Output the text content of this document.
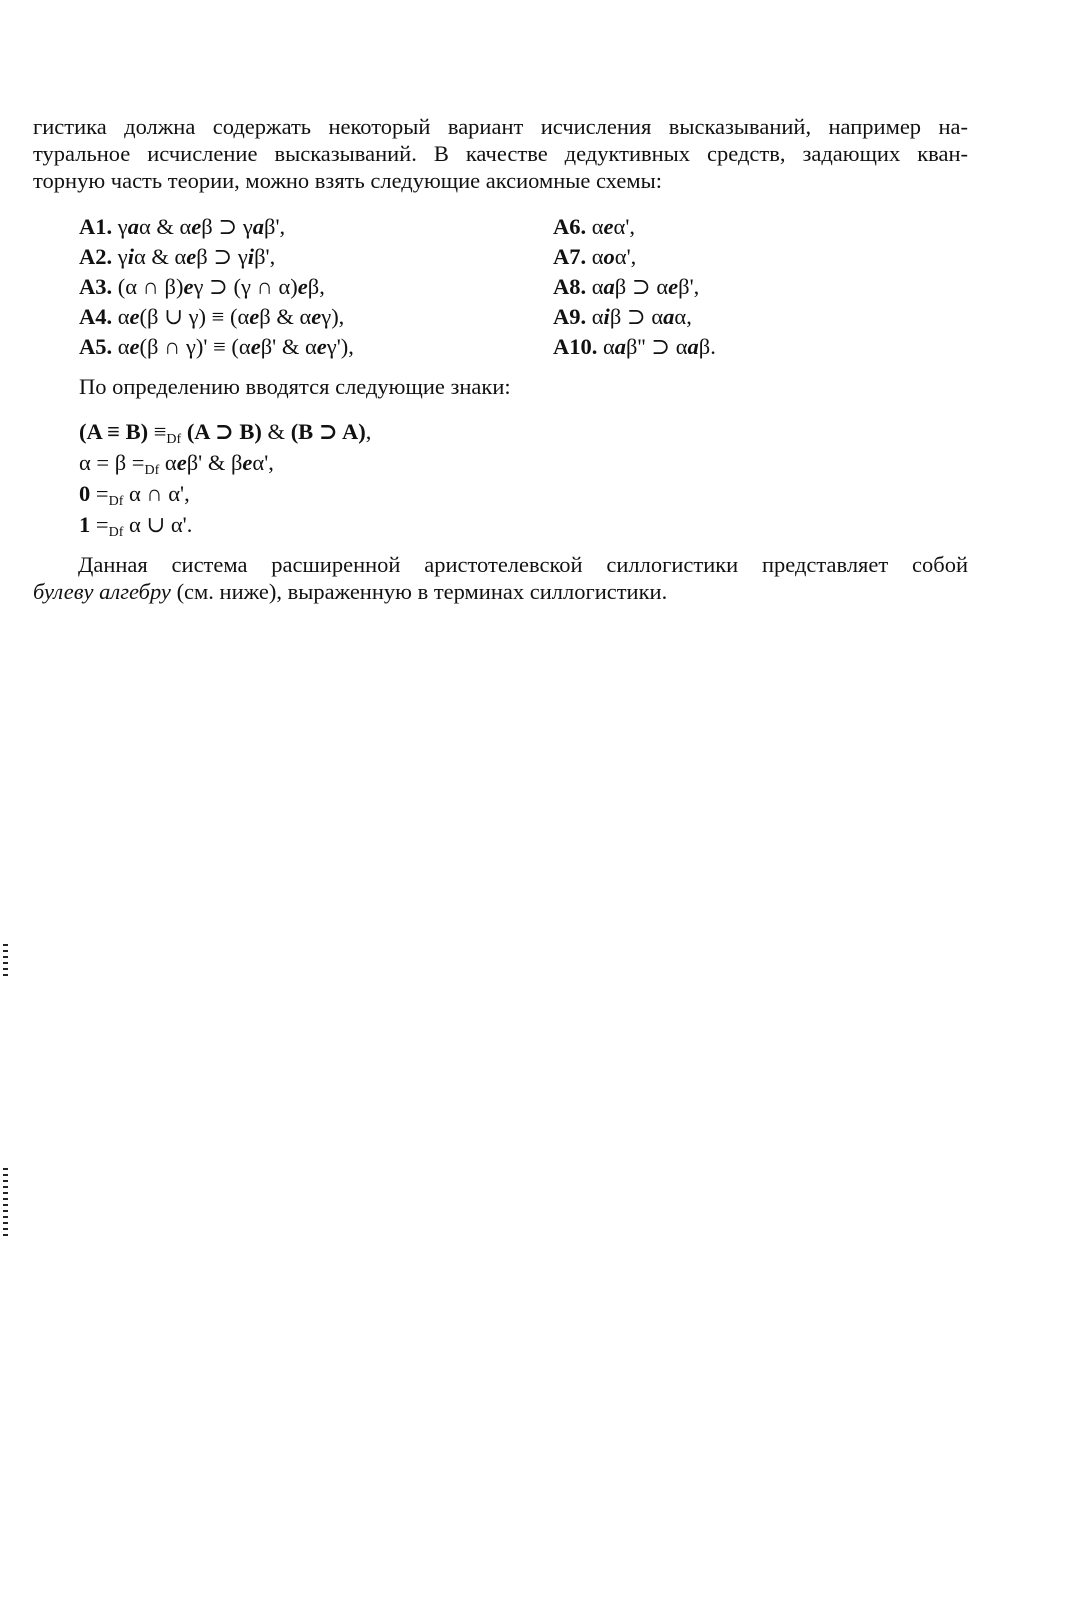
гистика должна содержать некоторый вариант исчисления высказываний, например на-
туральное исчисление высказываний. В качестве дедуктивных средств, задающих кван-
торную часть теории, можно взять следующие аксиомные схемы:
A1. γaα & αeβ ⊃ γaβ',	A6. αeα',
A2. γiα & αeβ ⊃ γiβ',	A7. αoα',
A3. (α ∩ β)eγ ⊃ (γ ∩ α)eβ,	A8. αaβ ⊃ αeβ',
A4. αe(β ∪ γ) ≡ (αeβ & αeγ),	A9. αiβ ⊃ αaα,
A5. αe(β ∩ γ)' ≡ (αeβ' & αeγ'),	A10. αaβ'' ⊃ αaβ.
По определению вводятся следующие знаки:
$(A \equiv B) \equiv_{Df}$ (A ⊃ B) & (B ⊃ A),
$\alpha = \beta =_{Df}$ αeβ' & βeα',
$0 =_{Df}$ α ∩ α',
$1 =_{Df}$ α ∪ α'.
Данная система расширенной аристотелевской силлогистики представляет собой
булеву алгебру (см. ниже), выраженную в терминах силлогистики.
